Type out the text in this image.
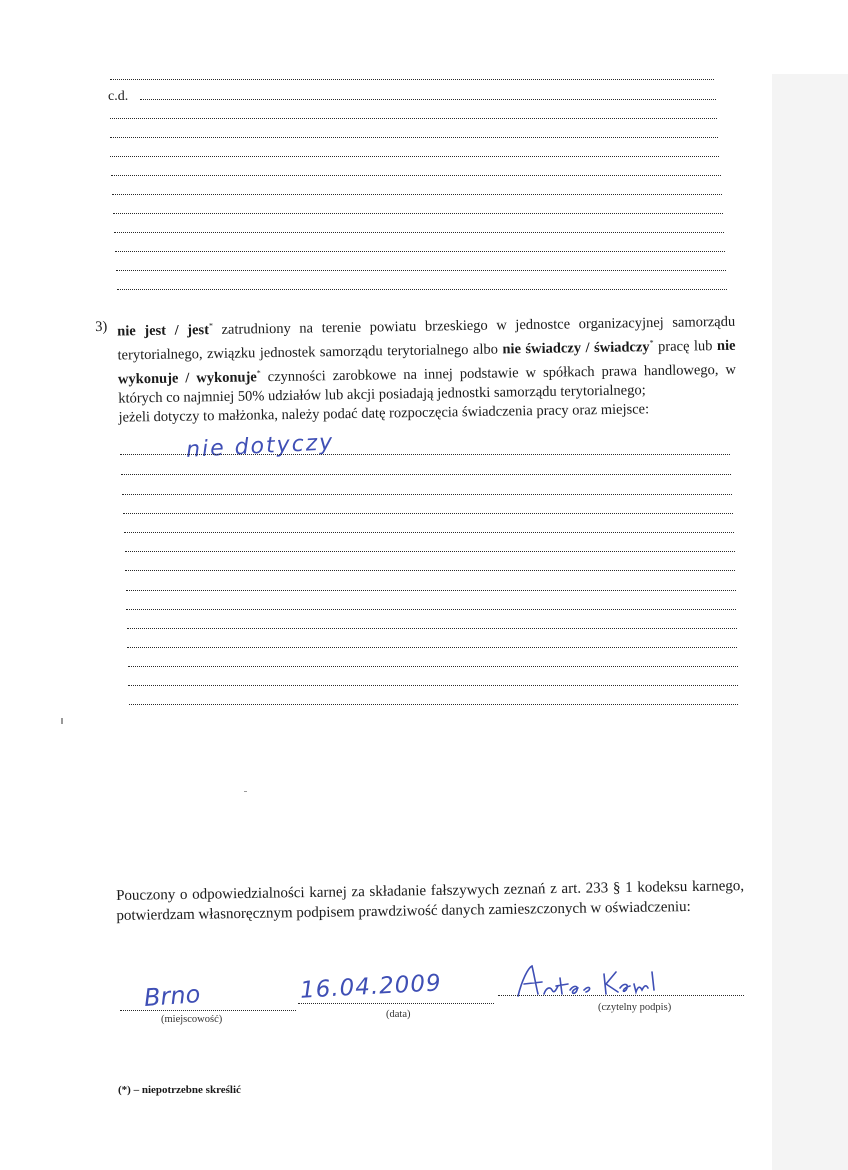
c.d.
3) nie jest / jest* zatrudniony na terenie powiatu brzeskiego w jednostce organizacyjnej samorządu terytorialnego, związku jednostek samorządu terytorialnego albo nie świadczy / świadczy* pracę lub nie wykonuje / wykonuje* czynności zarobkowe na innej podstawie w spółkach prawa handlowego, w których co najmniej 50% udziałów lub akcji posiadają jednostki samorządu terytorialnego;
jeżeli dotyczy to małżonka, należy podać datę rozpoczęcia świadczenia pracy oraz miejsce:
nie dotyczy
Pouczony o odpowiedzialności karnej za składanie fałszywych zeznań z art. 233 § 1 kodeksu karnego, potwierdzam własnoręcznym podpisem prawdziwość danych zamieszczonych w oświadczeniu:
Brno
(miejscowość)
16.04.2009
(data)
(czytelny podpis)
(*) – niepotrzebne skreślić
